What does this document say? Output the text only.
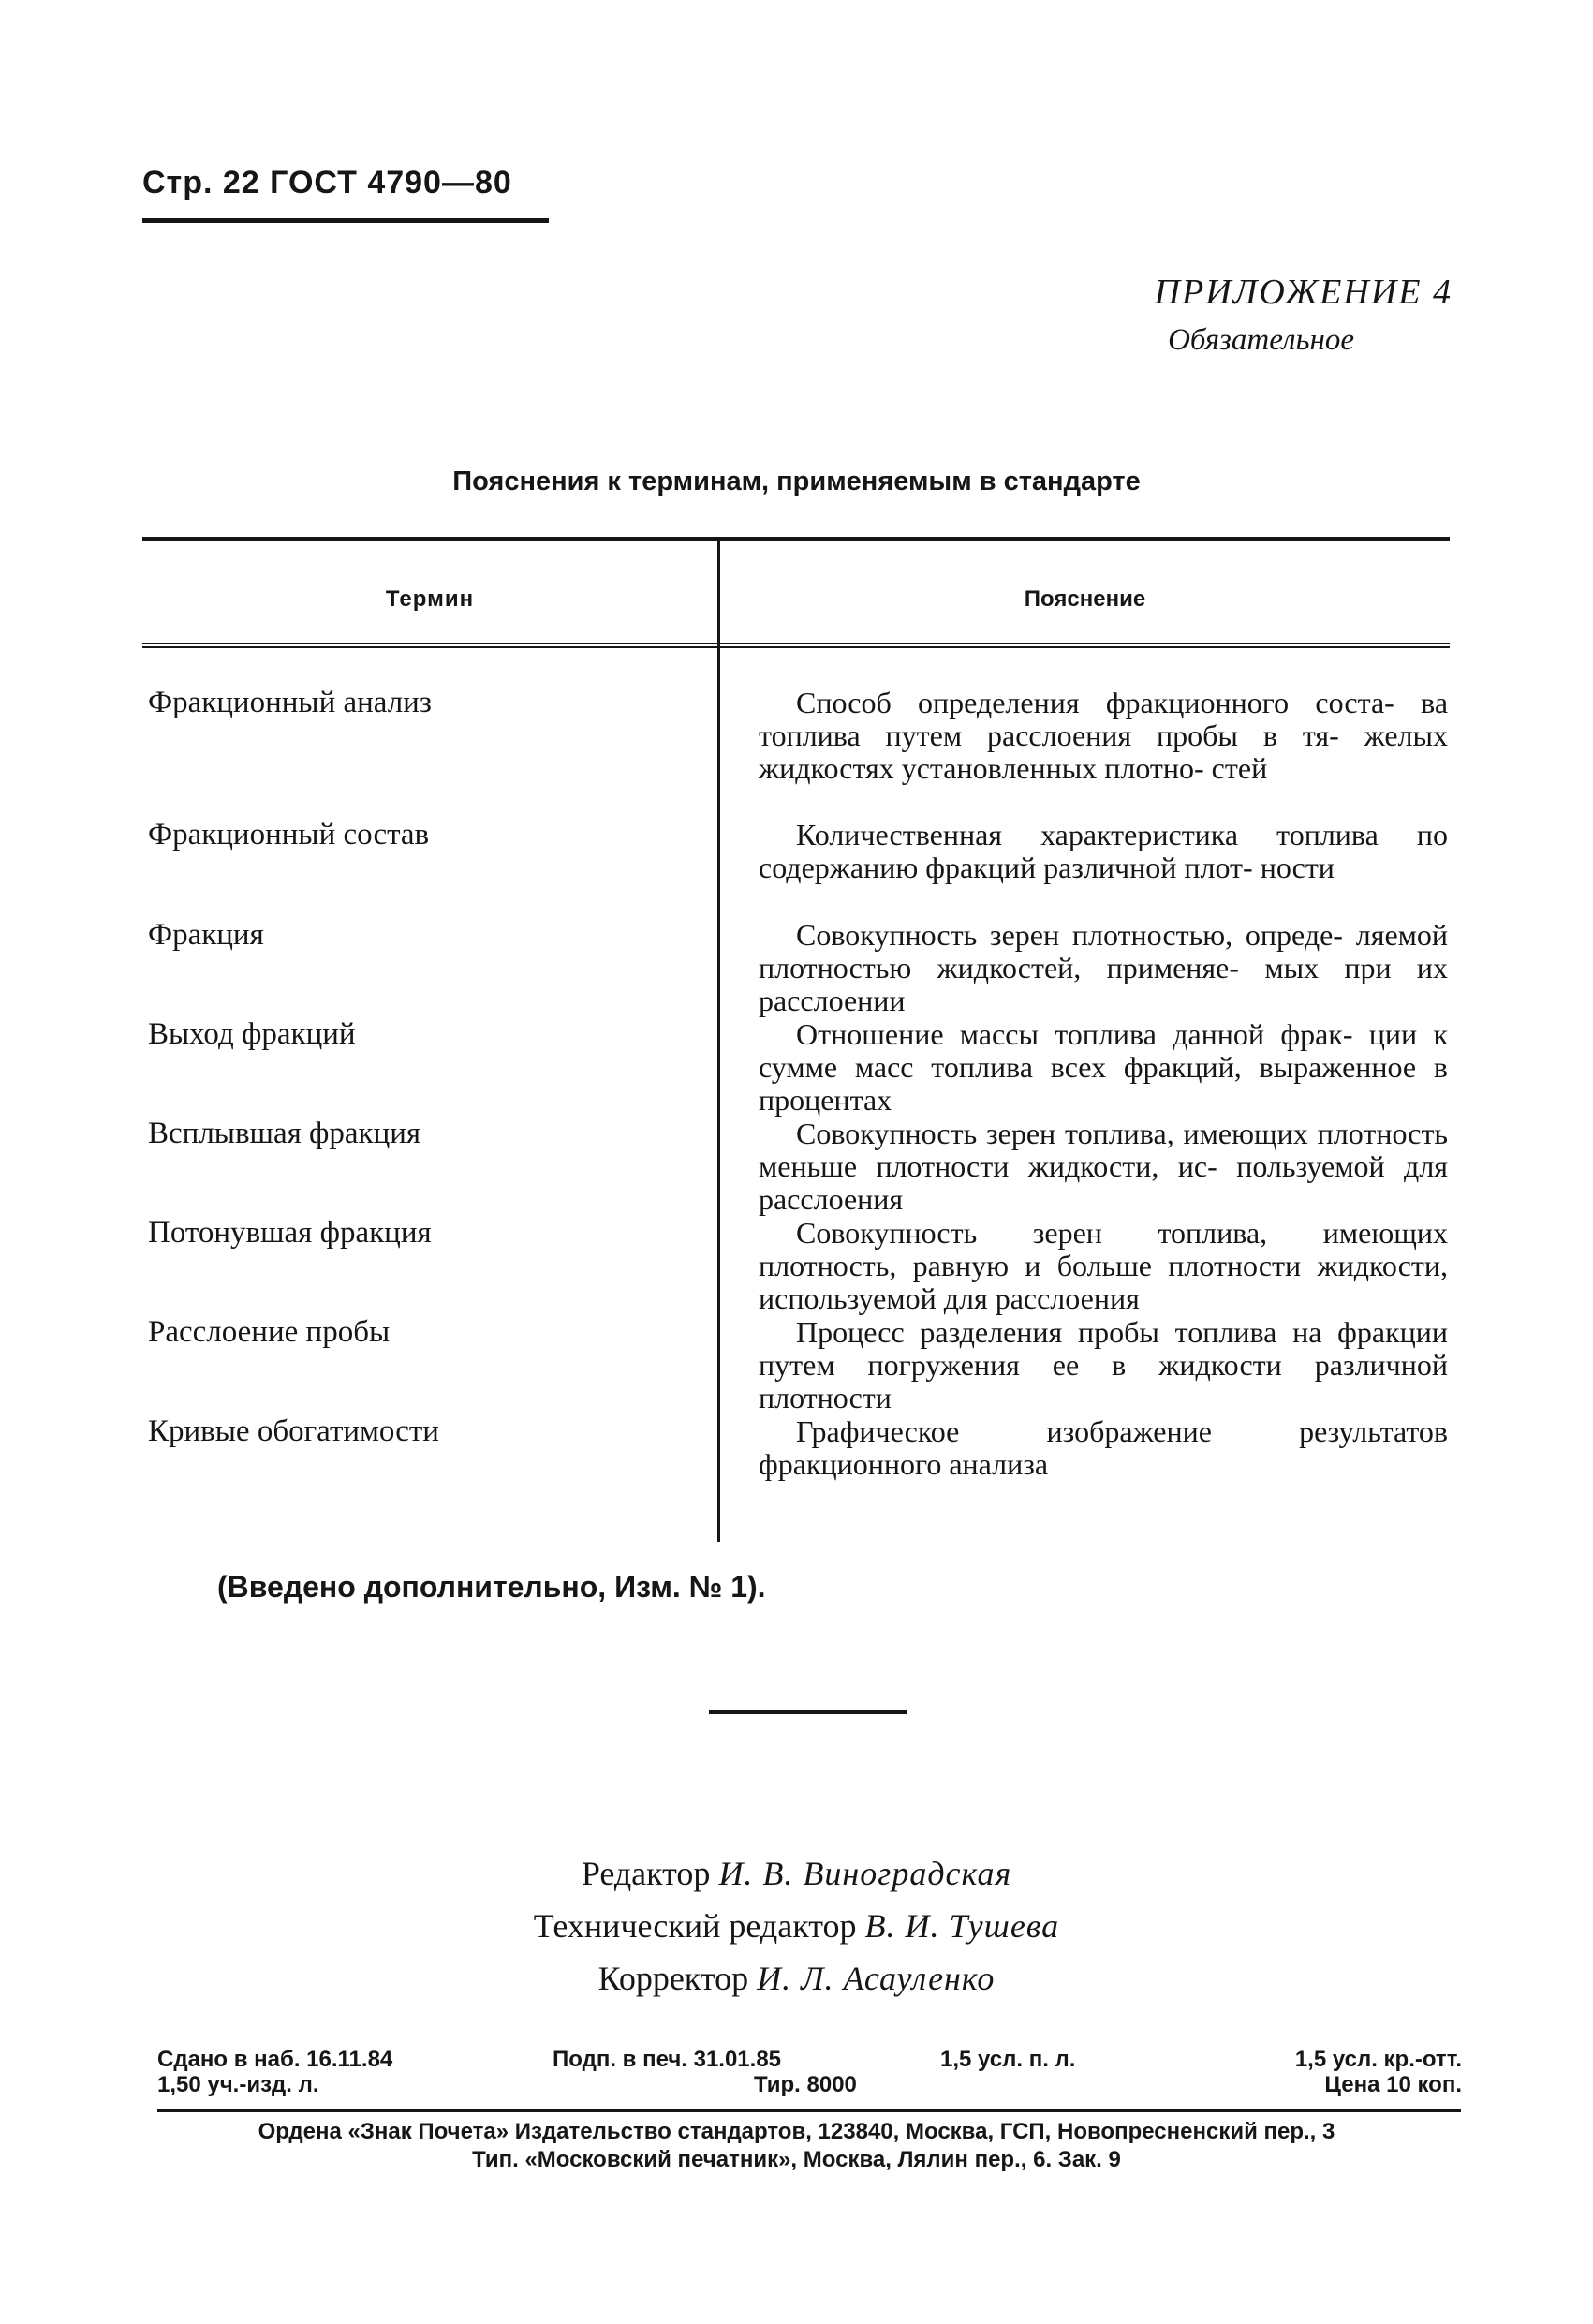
Стр. 22 ГОСТ 4790—80
ПРИЛОЖЕНИЕ 4
Обязательное
Пояснения к терминам, применяемым в стандарте
Термин	Пояснение
Фракционный анализ	Способ определения фракционного соста- ва топлива путем расслоения пробы в тя- желых жидкостях установленных плотно- стей
Фракционный состав	Количественная характеристика топлива по содержанию фракций различной плот- ности
Фракция	Совокупность зерен плотностью, опреде- ляемой плотностью жидкостей, применяе- мых при их расслоении
Выход фракций	Отношение массы топлива данной фрак- ции к сумме масс топлива всех фракций, выраженное в процентах
Всплывшая фракция	Совокупность зерен топлива, имеющих плотность меньше плотности жидкости, ис- пользуемой для расслоения
Потонувшая фракция	Совокупность зерен топлива, имеющих плотность, равную и больше плотности жидкости, используемой для расслоения
Расслоение пробы	Процесс разделения пробы топлива на фракции путем погружения ее в жидкости различной плотности
Кривые обогатимости	Графическое изображение результатов фракционного анализа
(Введено дополнительно, Изм. № 1).
Редактор И. В. Виноградская
Технический редактор В. И. Тушева
Корректор И. Л. Асауленко
Сдано в наб. 16.11.84	Подп. в печ. 31.01.85	1,5 усл. п. л.	1,5 усл. кр.-отт.
1,50 уч.-изд. л.	Тир. 8000	Цена 10 коп.
Ордена «Знак Почета» Издательство стандартов, 123840, Москва, ГСП, Новопресненский пер., 3
Тип. «Московский печатник», Москва, Лялин пер., 6. Зак. 9
